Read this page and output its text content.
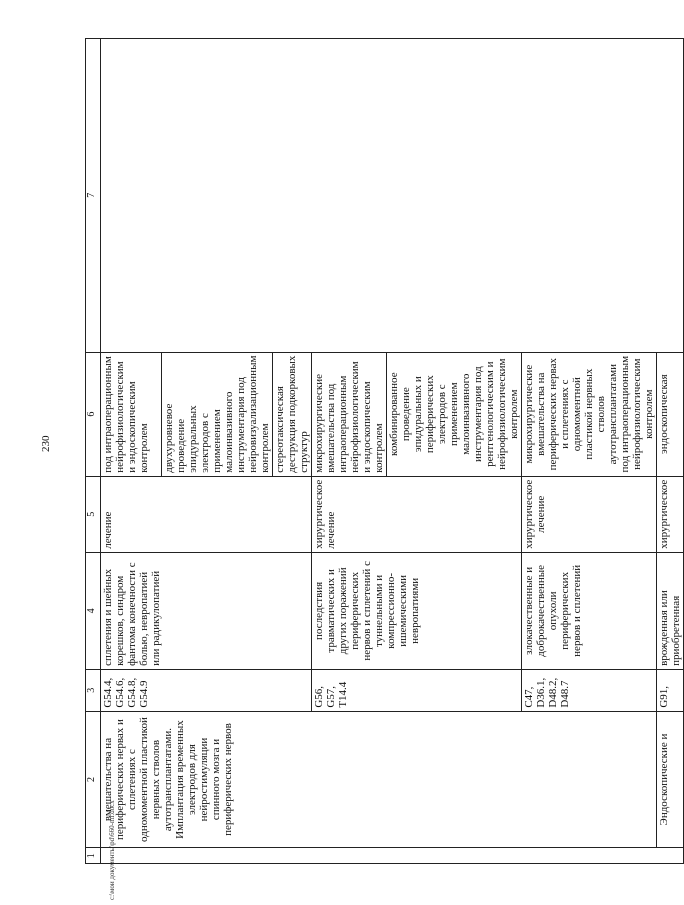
230
c:\мои документы\pd\660-ml.docx
1	2	3	4	5	6	7
	вмешательства на периферических нервах и сплетениях с одномоментной пластикой нервных стволов аутотрансплантатами. Имплантация временных электродов для нейростимуляции спинного мозга и периферических нервов	G54.4, G54.6, G54.8, G54.9	сплетения и шейных корешков, синдром фантома конечности с болью, невропатией или радикулопатией	лечение	под интраоперационным нейрофизиологическим и эндоскопическим контролем	
					двухуровневое проведение эпидуральных электродов с применением малоинвазивного инструментария под нейровизуализационным контролем	
					стереотаксическая деструкция подкорковых структур	
		G56, G57, T14.4	последствия травматических и других поражений периферических нервов и сплетений с туннельными и компрессионно-ишемическими невропатиями	хирургическое лечение	микрохирургические вмешательства под интраоперационным нейрофизиологическим и эндоскопическим контролем	
					комбинированное проведение эпидуральных и периферических электродов с применением малоинвазивного инструментария под рентгенологическим и нейрофизиологическим контролем	
		C47, D36.1, D48.2, D48.7	злокачественные и доброкачественные опухоли периферических нервов и сплетений	хирургическое лечение	микрохирургические вмешательства на периферических нервах и сплетениях с одномоментной пластикой нервных стволов аутотрансплантатами под интраоперационным нейрофизиологическим контролем	
	Эндоскопические и	G91,	врожденная или приобретенная	хирургическое	эндоскопическая	
